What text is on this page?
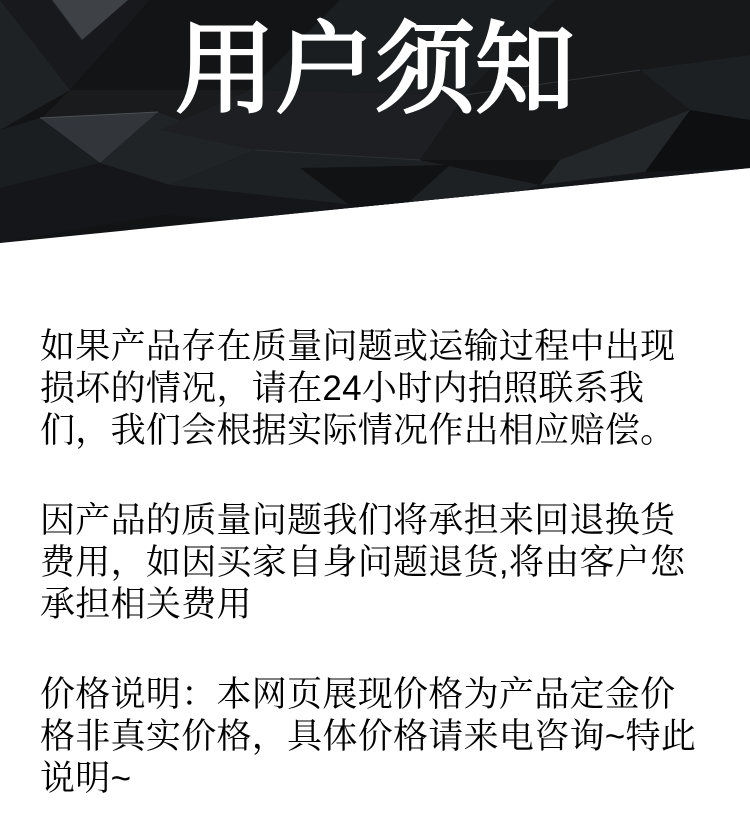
用户须知

如果产品存在质量问题或运输过程中出现损坏的情况，请在24小时内拍照联系我们，我们会根据实际情况作出相应赔偿。

因产品的质量问题我们将承担来回退换货费用，如因买家自身问题退货,将由客户您承担相关费用

价格说明：本网页展现价格为产品定金价格非真实价格，具体价格请来电咨询~特此说明~
